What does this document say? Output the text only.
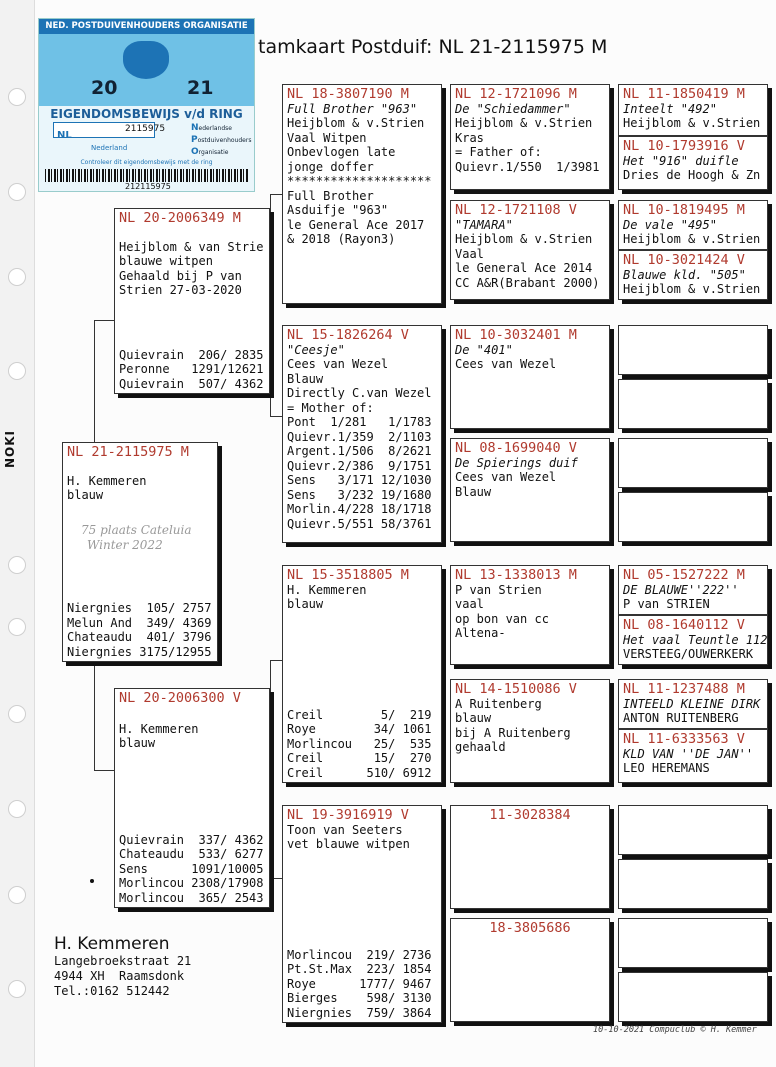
NOKI
tamkaart Postduif: NL 21-2115975 M
NED. POSTDUIVENHOUDERS ORGANISATIE
20	21
EIGENDOMSBEWIJS v/d RING
NL
2115975	Nederlandse
Postduivenhouders
Organisatie
Nederland
Controleer dit eigendomsbewijs met de ring
212115975
NL 21-2115975 M
H. Kemmeren
blauw
75 plaats Cateluia
Winter 2022
Niergnies  105/ 2757
Melun And  349/ 4369
Chateaudu  401/ 3796
Niergnies 3175/12955
NL 20-2006349 M
Heijblom & van Strie
blauwe witpen
Gehaald bij P van
Strien 27-03-2020
Quievrain  206/ 2835
Peronne   1291/12621
Quievrain  507/ 4362
NL 20-2006300 V
H. Kemmeren
blauw
Quievrain  337/ 4362
Chateaudu  533/ 6277
Sens      1091/10005
Morlincou 2308/17908
Morlincou  365/ 2543
NL 18-3807190 M
Full Brother "963"
Heijblom & v.Strien
Vaal Witpen
Onbevlogen late
jonge doffer
********************
Full Brother
Asduifje "963"
le General Ace 2017
& 2018 (Rayon3)
NL 15-1826264 V
"Ceesje"
Cees van Wezel
Blauw
Directly C.van Wezel
= Mother of:
Pont  1/281   1/1783
Quievr.1/359  2/1103
Argent.1/506  8/2621
Quievr.2/386  9/1751
Sens   3/171 12/1030
Sens   3/232 19/1680
Morlin.4/228 18/1718
Quievr.5/551 58/3761
NL 15-3518805 M
H. Kemmeren
blauw
Creil        5/  219
Roye        34/ 1061
Morlincou   25/  535
Creil       15/  270
Creil      510/ 6912
NL 19-3916919 V
Toon van Seeters
vet blauwe witpen
Morlincou  219/ 2736
Pt.St.Max  223/ 1854
Roye      1777/ 9467
Bierges    598/ 3130
Niergnies  759/ 3864
NL 12-1721096 M
De "Schiedammer"
Heijblom & v.Strien
Kras
= Father of:
Quievr.1/550  1/3981
NL 12-1721108 V
"TAMARA"
Heijblom & v.Strien
Vaal
le General Ace 2014
CC A&R(Brabant 2000)
NL 10-3032401 M
De "401"
Cees van Wezel
NL 08-1699040 V
De Spierings duif
Cees van Wezel
Blauw
NL 13-1338013 M
P van Strien
vaal
op bon van cc
Altena-
NL 14-1510086 V
A Ruitenberg
blauw
bij A Ruitenberg
gehaald
11-3028384
18-3805686
NL 11-1850419 M
Inteelt "492"
Heijblom & v.Strien
NL 10-1793916 V
Het "916" duifle
Dries de Hoogh & Zn
NL 10-1819495 M
De vale "495"
Heijblom & v.Strien
NL 10-3021424 V
Blauwe kld. "505"
Heijblom & v.Strien
NL 05-1527222 M
DE BLAUWE''222''
P van STRIEN
NL 08-1640112 V
Het vaal Teuntle 112
VERSTEEG/OUWERKERK
NL 11-1237488 M
INTEELD KLEINE DIRK
ANTON RUITENBERG
NL 11-6333563 V
KLD VAN ''DE JAN''
LEO HEREMANS
H. Kemmeren
Langebroekstraat 21
4944 XH  Raamsdonk
Tel.:0162 512442
10-10-2021 Compuclub © H. Kemmer
